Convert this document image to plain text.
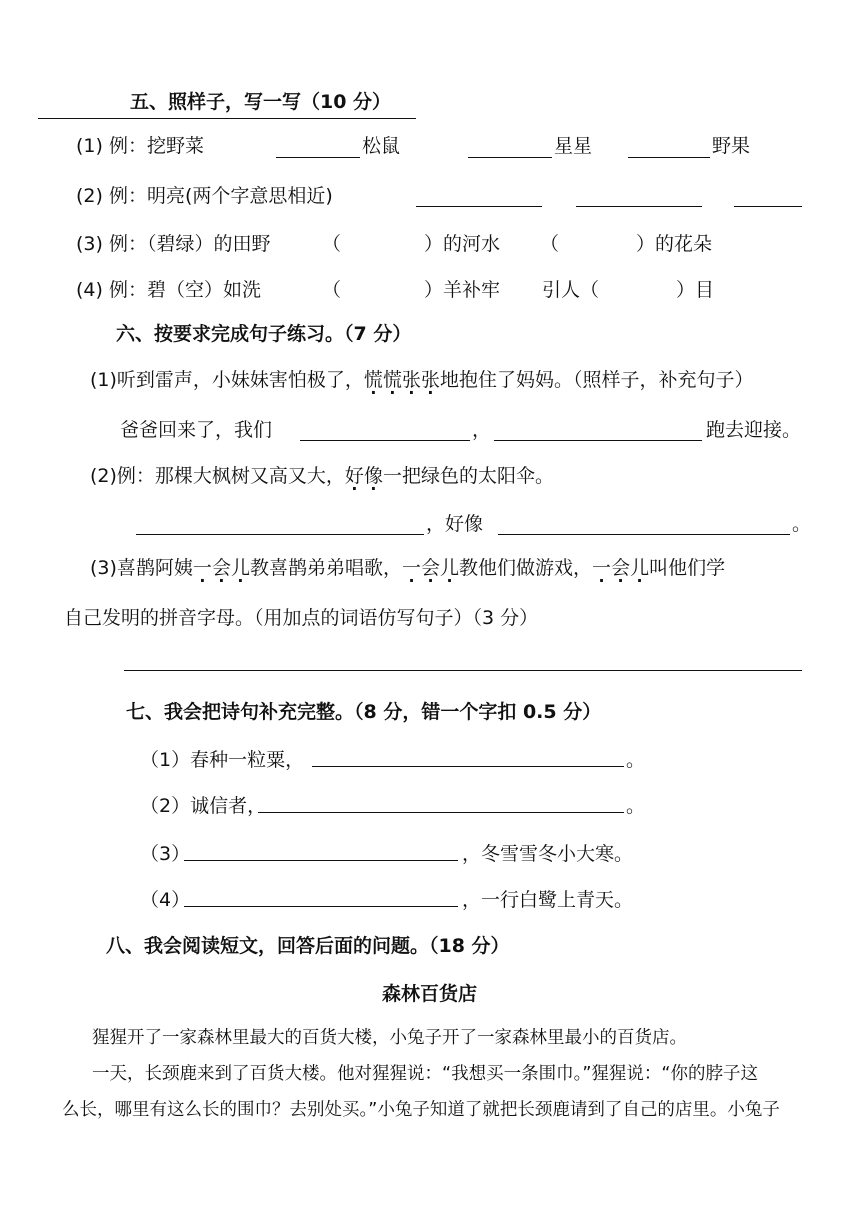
五、照样子，写一写（10 分）
(1) 例：挖野菜	松鼠	星星	野果
(2) 例：明亮(两个字意思相近)
(3) 例：（碧绿）的田野	（	）的河水 （	）的花朵
(4) 例：碧（空）如洗	（	）羊补牢 引人（	）目
六、按要求完成句子练习。（7 分）
(1)听到雷声，小妹妹害怕极了，慌慌张张地抱住了妈妈。（照样子，补充句子）
爸爸回来了，我们	，	跑去迎接。
(2)例：那棵大枫树又高又大，好像一把绿色的太阳伞。
，好像	。
(3)喜鹊阿姨一会儿教喜鹊弟弟唱歌，一会儿教他们做游戏，一会儿叫他们学
自己发明的拼音字母。（用加点的词语仿写句子）（3 分）
七、我会把诗句补充完整。（8 分，错一个字扣 0.5 分）
（1）春种一粒粟，	。
（2）诚信者，	。
（3）	，冬雪雪冬小大寒。
（4）	，一行白鹭上青天。
八、我会阅读短文，回答后面的问题。（18 分）
森林百货店
猩猩开了一家森林里最大的百货大楼，小兔子开了一家森林里最小的百货店。
一天，长颈鹿来到了百货大楼。他对猩猩说：“我想买一条围巾。”猩猩说：“你的脖子这
么长，哪里有这么长的围巾？去别处买。”小兔子知道了就把长颈鹿请到了自己的店里。小兔子
